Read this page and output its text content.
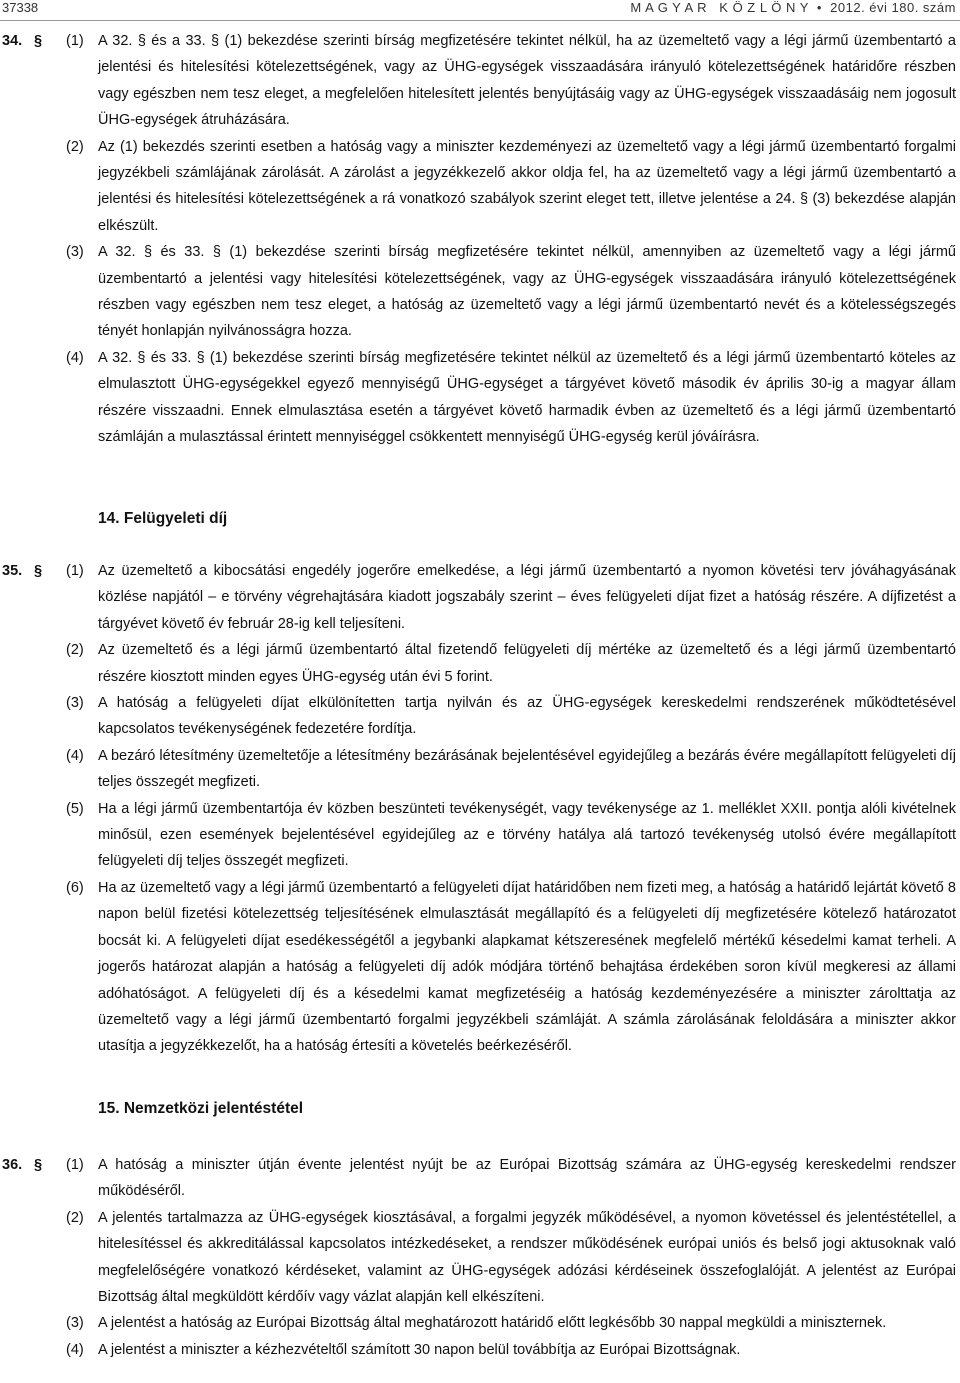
37338	M A G Y A R   K Ö Z L Ö N Y  •  2012. évi 180. szám
34. § (1) A 32. § és a 33. § (1) bekezdése szerinti bírság megfizetésére tekintet nélkül, ha az üzemeltető vagy a légi jármű üzembentartó a jelentési és hitelesítési kötelezettségének, vagy az ÜHG-egységek visszaadására irányuló kötelezettségének határidőre részben vagy egészben nem tesz eleget, a megfelelően hitelesített jelentés benyújtásáig vagy az ÜHG-egységek visszaadásáig nem jogosult ÜHG-egységek átruházására.
(2) Az (1) bekezdés szerinti esetben a hatóság vagy a miniszter kezdeményezi az üzemeltető vagy a légi jármű üzembentartó forgalmi jegyzékbeli számlájának zárolását. A zárolást a jegyzékkezelő akkor oldja fel, ha az üzemeltető vagy a légi jármű üzembentartó a jelentési és hitelesítési kötelezettségének a rá vonatkozó szabályok szerint eleget tett, illetve jelentése a 24. § (3) bekezdése alapján elkészült.
(3) A 32. § és 33. § (1) bekezdése szerinti bírság megfizetésére tekintet nélkül, amennyiben az üzemeltető vagy a légi jármű üzembentartó a jelentési vagy hitelesítési kötelezettségének, vagy az ÜHG-egységek visszaadására irányuló kötelezettségének részben vagy egészben nem tesz eleget, a hatóság az üzemeltető vagy a légi jármű üzembentartó nevét és a kötelességszegés tényét honlapján nyilvánosságra hozza.
(4) A 32. § és 33. § (1) bekezdése szerinti bírság megfizetésére tekintet nélkül az üzemeltető és a légi jármű üzembentartó köteles az elmulasztott ÜHG-egységekkel egyező mennyiségű ÜHG-egységet a tárgyévet követő második év április 30-ig a magyar állam részére visszaadni. Ennek elmulasztása esetén a tárgyévet követő harmadik évben az üzemeltető és a légi jármű üzembentartó számláján a mulasztással érintett mennyiséggel csökkentett mennyiségű ÜHG-egység kerül jóváírásra.
14. Felügyeleti díj
35. § (1) Az üzemeltető a kibocsátási engedély jogerőre emelkedése, a légi jármű üzembentartó a nyomon követési terv jóváhagyásának közlése napjától – e törvény végrehajtására kiadott jogszabály szerint – éves felügyeleti díjat fizet a hatóság részére. A díjfizetést a tárgyévet követő év február 28-ig kell teljesíteni.
(2) Az üzemeltető és a légi jármű üzembentartó által fizetendő felügyeleti díj mértéke az üzemeltető és a légi jármű üzembentartó részére kiosztott minden egyes ÜHG-egység után évi 5 forint.
(3) A hatóság a felügyeleti díjat elkülönítetten tartja nyilván és az ÜHG-egységek kereskedelmi rendszerének működtetésével kapcsolatos tevékenységének fedezetére fordítja.
(4) A bezáró létesítmény üzemeltetője a létesítmény bezárásának bejelentésével egyidejűleg a bezárás évére megállapított felügyeleti díj teljes összegét megfizeti.
(5) Ha a légi jármű üzembentartója év közben beszünteti tevékenységét, vagy tevékenysége az 1. melléklet XXII. pontja alóli kivételnek minősül, ezen események bejelentésével egyidejűleg az e törvény hatálya alá tartozó tevékenység utolsó évére megállapított felügyeleti díj teljes összegét megfizeti.
(6) Ha az üzemeltető vagy a légi jármű üzembentartó a felügyeleti díjat határidőben nem fizeti meg, a hatóság a határidő lejártát követő 8 napon belül fizetési kötelezettség teljesítésének elmulasztását megállapító és a felügyeleti díj megfizetésére kötelező határozatot bocsát ki. A felügyeleti díjat esedékességétől a jegybanki alapkamat kétszeresének megfelelő mértékű késedelmi kamat terheli. A jogerős határozat alapján a hatóság a felügyeleti díj adók módjára történő behajtása érdekében soron kívül megkeresi az állami adóhatóságot. A felügyeleti díj és a késedelmi kamat megfizetéséig a hatóság kezdeményezésére a miniszter zárolttatja az üzemeltető vagy a légi jármű üzembentartó forgalmi jegyzékbeli számláját. A számla zárolásának feloldására a miniszter akkor utasítja a jegyzékkezelőt, ha a hatóság értesíti a követelés beérkezéséről.
15. Nemzetközi jelentéstétel
36. § (1) A hatóság a miniszter útján évente jelentést nyújt be az Európai Bizottság számára az ÜHG-egység kereskedelmi rendszer működéséről.
(2) A jelentés tartalmazza az ÜHG-egységek kiosztásával, a forgalmi jegyzék működésével, a nyomon követéssel és jelentéstétellel, a hitelesítéssel és akkreditálással kapcsolatos intézkedéseket, a rendszer működésének európai uniós és belső jogi aktusoknak való megfelelőségére vonatkozó kérdéseket, valamint az ÜHG-egységek adózási kérdéseinek összefoglalóját. A jelentést az Európai Bizottság által megküldött kérdőív vagy vázlat alapján kell elkészíteni.
(3) A jelentést a hatóság az Európai Bizottság által meghatározott határidő előtt legkésőbb 30 nappal megküldi a miniszternek.
(4) A jelentést a miniszter a kézhezvételtől számított 30 napon belül továbbítja az Európai Bizottságnak.
